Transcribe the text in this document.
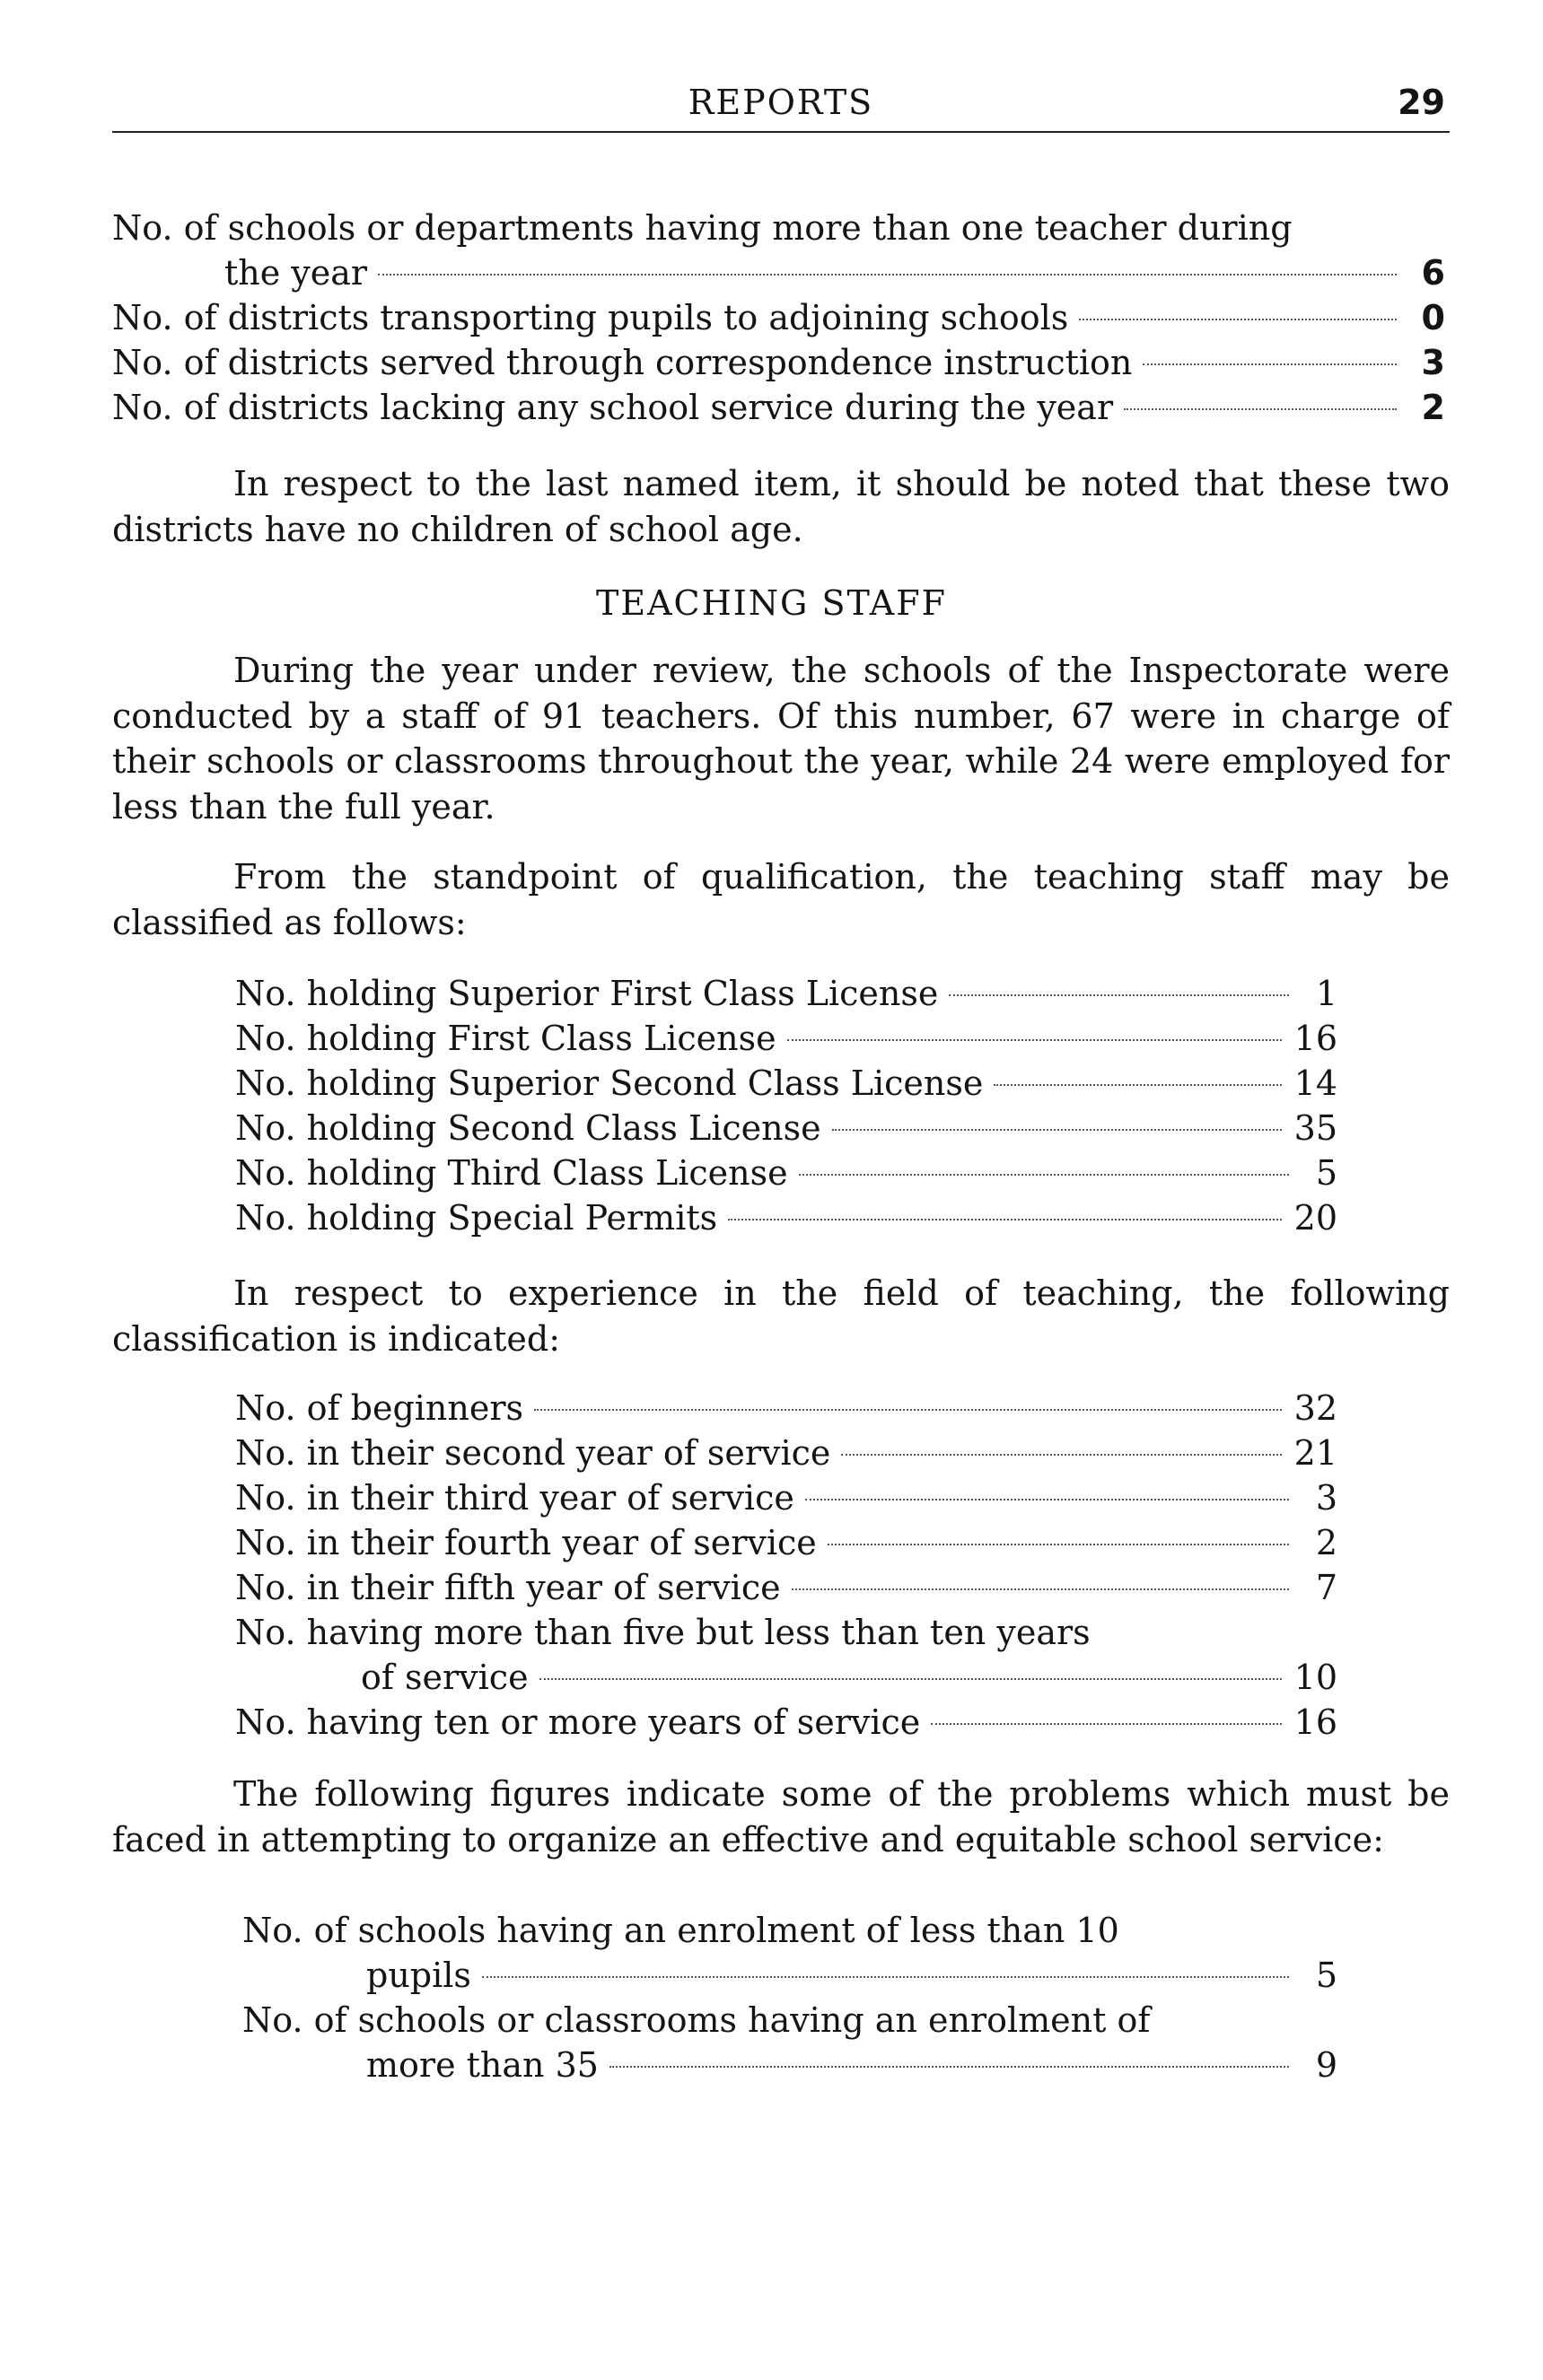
REPORTS	29
No. of schools or departments having more than one teacher during
the year	6
No. of districts transporting pupils to adjoining schools	0
No. of districts served through correspondence instruction	3
No. of districts lacking any school service during the year	2
In respect to the last named item, it should be noted that these two districts have no children of school age.
TEACHING STAFF
During the year under review, the schools of the Inspectorate were conducted by a staff of 91 teachers. Of this number, 67 were in charge of their schools or classrooms throughout the year, while 24 were employed for less than the full year.
From the standpoint of qualification, the teaching staff may be classified as follows:
No. holding Superior First Class License	1
No. holding First Class License	16
No. holding Superior Second Class License	14
No. holding Second Class License	35
No. holding Third Class License	5
No. holding Special Permits	20
In respect to experience in the field of teaching, the following classification is indicated:
No. of beginners	32
No. in their second year of service	21
No. in their third year of service	3
No. in their fourth year of service	2
No. in their fifth year of service	7
No. having more than five but less than ten years
of service	10
No. having ten or more years of service	16
The following figures indicate some of the problems which must be faced in attempting to organize an effective and equitable school service:
No. of schools having an enrolment of less than 10
pupils	5
No. of schools or classrooms having an enrolment of
more than 35	9
